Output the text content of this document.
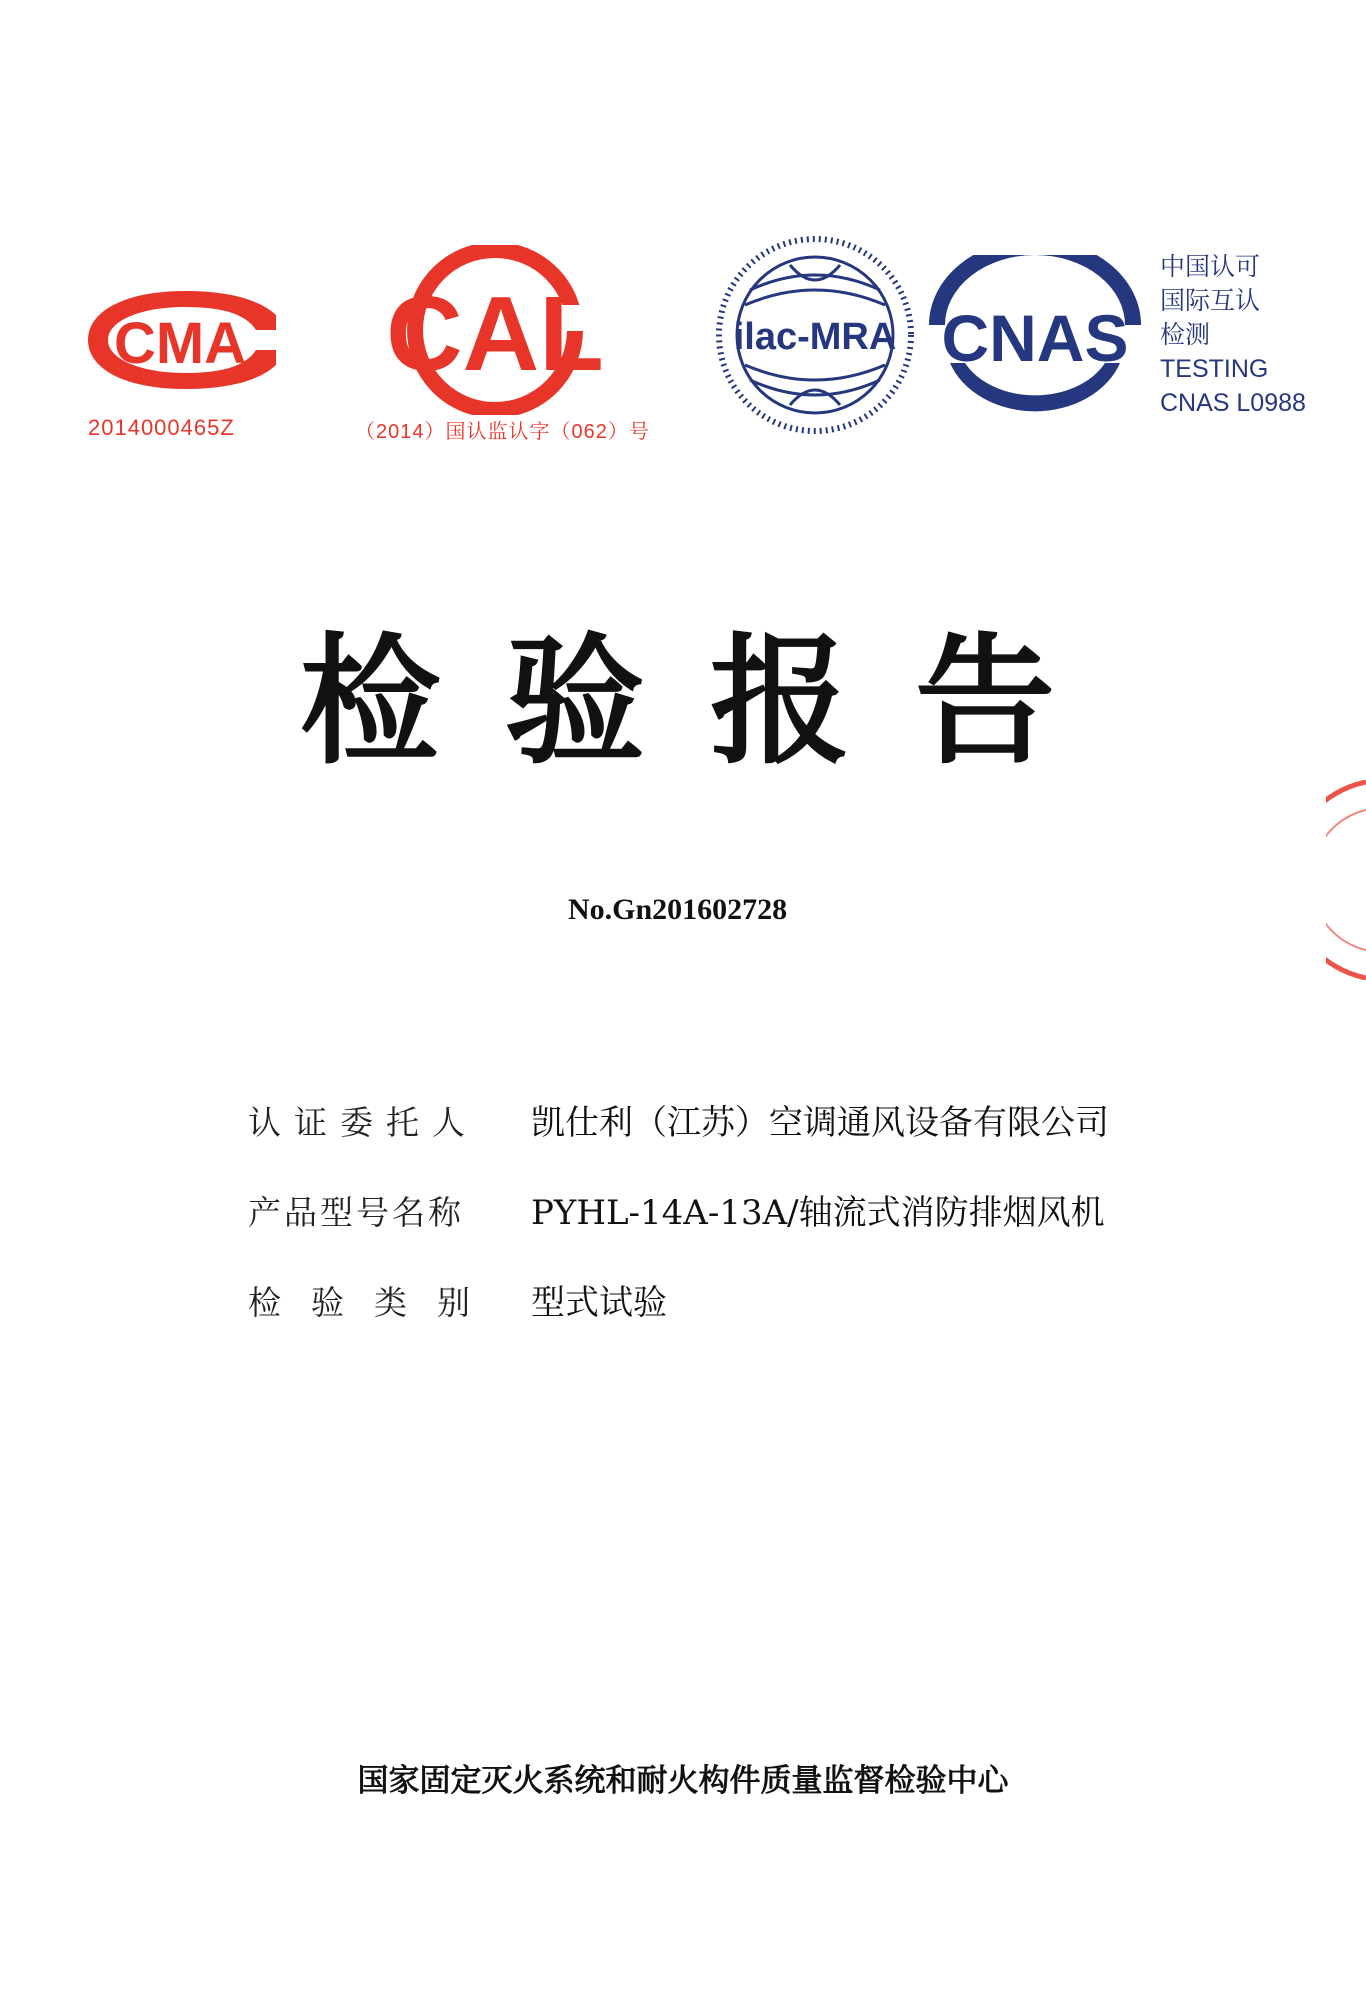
CMA
2014000465Z
CAL
（2014）国认监认字（062）号
ilac-MRA CNAS
中国认可
国际互认
检测
TESTING
CNAS L0988
检验报告
No.Gn201602728
认证委托人 凯仕利（江苏）空调通风设备有限公司
产品型号名称 PYHL-14A-13A/轴流式消防排烟风机
检验类别 型式试验
国家固定灭火系统和耐火构件质量监督检验中心
